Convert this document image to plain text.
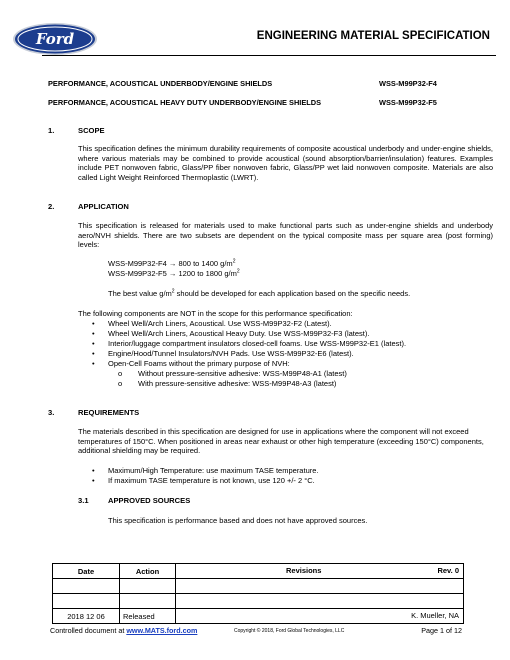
Ford	ENGINEERING MATERIAL SPECIFICATION
PERFORMANCE, ACOUSTICAL UNDERBODY/ENGINE SHIELDS	WSS-M99P32-F4
PERFORMANCE, ACOUSTICAL HEAVY DUTY UNDERBODY/ENGINE SHIELDS	WSS-M99P32-F5
1.	SCOPE
This specification defines the minimum durability requirements of composite acoustical underbody and under-engine shields, where various materials may be combined to provide acoustical (sound absorption/barrier/insulation) features. Examples include PET nonwoven fabric, Glass/PP fiber nonwoven fabric, Glass/PP wet laid nonwoven composite. Materials are also called Light Weight Reinforced Thermoplastic (LWRT).
2.	APPLICATION
This specification is released for materials used to make functional parts such as under-engine shields and underbody aero/NVH shields. There are two subsets are dependent on the typical composite mass per square area (post forming) levels:
WSS-M99P32-F4 → 800 to 1400 $g/m^2$
WSS-M99P32-F5 → 1200 to 1800 $g/m^2$
The best value $g/m^2$ should be developed for each application based on the specific needs.
The following components are NOT in the scope for this performance specification:
• Wheel Well/Arch Liners, Acoustical. Use WSS-M99P32-F2 (Latest).
• Wheel Well/Arch Liners, Acoustical Heavy Duty. Use WSS-M99P32-F3 (latest).
• Interior/luggage compartment insulators closed-cell foams. Use WSS-M99P32-E1 (latest).
• Engine/Hood/Tunnel Insulators/NVH Pads. Use WSS-M99P32-E6 (latest).
• Open-Cell Foams without the primary purpose of NVH:
o Without pressure-sensitive adhesive: WSS-M99P48-A1 (latest)
o With pressure-sensitive adhesive: WSS-M99P48-A3 (latest)
3.	REQUIREMENTS
The materials described in this specification are designed for use in applications where the component will not exceed temperatures of 150°C. When positioned in areas near exhaust or other high temperature (exceeding 150°C) components, additional shielding may be required.
• Maximum/High Temperature: use maximum TASE temperature.
• If maximum TASE temperature is not known, use 120 +/- 2 °C.
3.1	APPROVED SOURCES
This specification is performance based and does not have approved sources.
Date	Action	Revisions Rev. 0

2018 12 06	Released	K. Mueller, NA
Controlled document at www.MATS.ford.com	Copyright © 2018, Ford Global Technologies, LLC	Page 1 of 12
